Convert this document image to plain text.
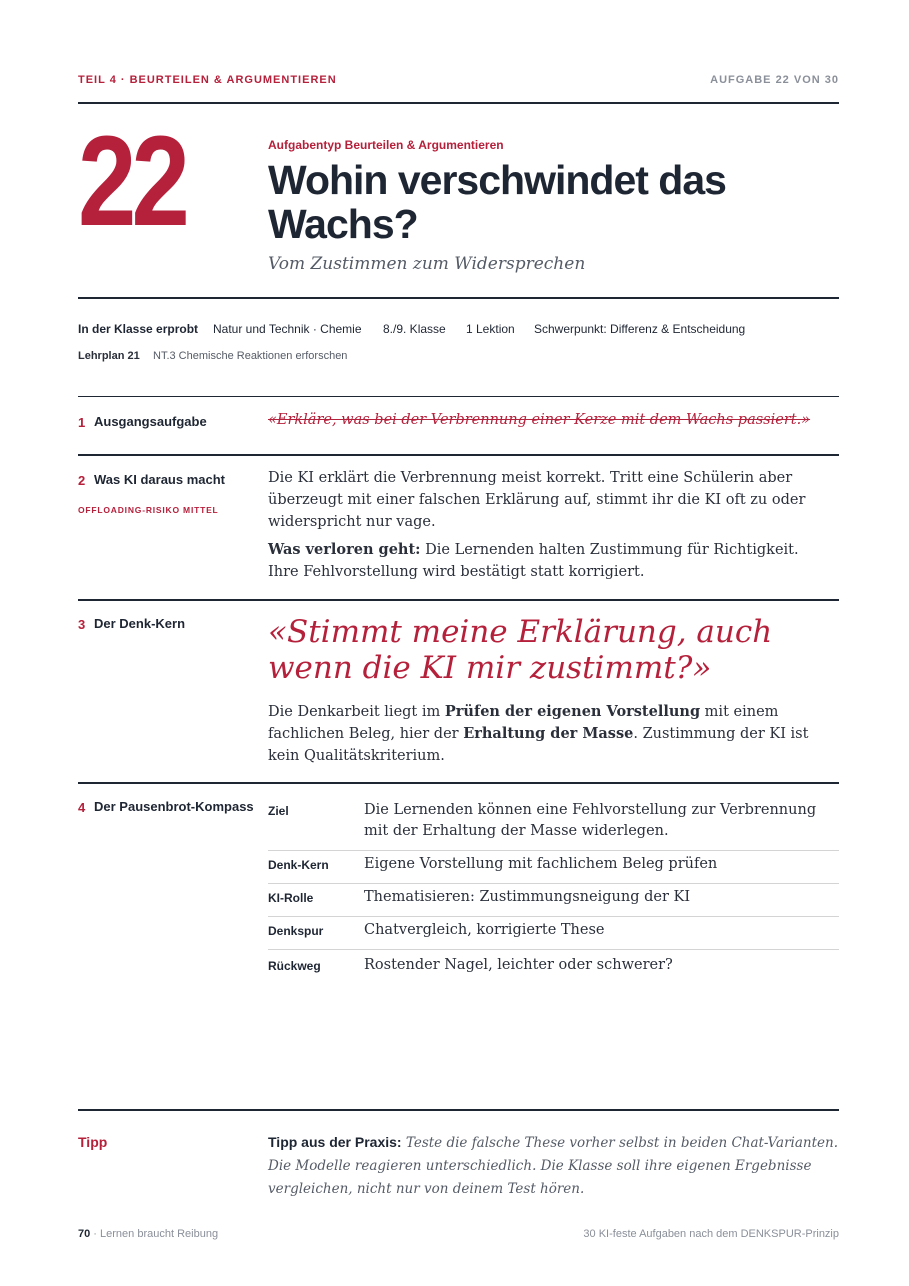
TEIL 4 · BEURTEILEN & ARGUMENTIEREN	AUFGABE 22 VON 30
22	Aufgabentyp Beurteilen & Argumentieren
Wohin verschwindet das Wachs?
Vom Zustimmen zum Widersprechen
In der Klasse erprobt Natur und Technik · Chemie 8./9. Klasse 1 Lektion Schwerpunkt: Differenz & Entscheidung
Lehrplan 21 NT.3 Chemische Reaktionen erforschen
1 Ausgangsaufgabe	«Erkläre, was bei der Verbrennung einer Kerze mit dem Wachs passiert.»
2 Was KI daraus macht
OFFLOADING-RISIKO MITTEL
Die KI erklärt die Verbrennung meist korrekt. Tritt eine Schülerin aber überzeugt mit einer falschen Erklärung auf, stimmt ihr die KI oft zu oder widerspricht nur vage.
Was verloren geht: Die Lernenden halten Zustimmung für Richtigkeit. Ihre Fehlvorstellung wird bestätigt statt korrigiert.
3 Der Denk-Kern	«Stimmt meine Erklärung, auch wenn die KI mir zustimmt?»
Die Denkarbeit liegt im Prüfen der eigenen Vorstellung mit einem fachlichen Beleg, hier der Erhaltung der Masse. Zustimmung der KI ist kein Qualitätskriterium.
4 Der Pausenbrot-Kompass Ziel	Die Lernenden können eine Fehlvorstellung zur Verbrennung mit der Erhaltung der Masse widerlegen.
Denk-Kern Eigene Vorstellung mit fachlichem Beleg prüfen
KI-Rolle	Thematisieren: Zustimmungsneigung der KI
Denkspur	Chatvergleich, korrigierte These
Rückweg	Rostender Nagel, leichter oder schwerer?
Tipp	Tipp aus der Praxis: Teste die falsche These vorher selbst in beiden Chat-Varianten. Die Modelle reagieren unterschiedlich. Die Klasse soll ihre eigenen Ergebnisse vergleichen, nicht nur von deinem Test hören.
70 · Lernen braucht Reibung	30 KI-feste Aufgaben nach dem DENKSPUR-Prinzip
